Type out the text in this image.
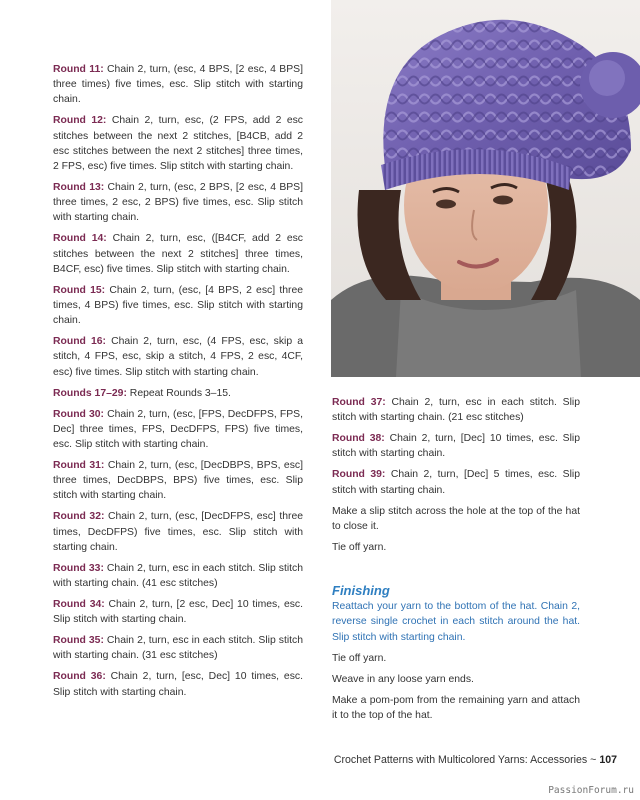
Round 11: Chain 2, turn, (esc, 4 BPS, [2 esc, 4 BPS] three times) five times, esc. Slip stitch with starting chain.

Round 12: Chain 2, turn, esc, (2 FPS, add 2 esc stitches between the next 2 stitches, [B4CB, add 2 esc stitches between the next 2 stitches] three times, 2 FPS, esc) five times. Slip stitch with starting chain.

Round 13: Chain 2, turn, (esc, 2 BPS, [2 esc, 4 BPS] three times, 2 esc, 2 BPS) five times, esc. Slip stitch with starting chain.

Round 14: Chain 2, turn, esc, ([B4CF, add 2 esc stitches between the next 2 stitches] three times, B4CF, esc) five times. Slip stitch with starting chain.

Round 15: Chain 2, turn, (esc, [4 BPS, 2 esc] three times, 4 BPS) five times, esc. Slip stitch with starting chain.

Round 16: Chain 2, turn, esc, (4 FPS, esc, skip a stitch, 4 FPS, esc, skip a stitch, 4 FPS, 2 esc, 4CF, esc) five times. Slip stitch with starting chain.

Rounds 17–29: Repeat Rounds 3–15.

Round 30: Chain 2, turn, (esc, [FPS, DecDFPS, FPS, Dec] three times, FPS, DecDFPS, FPS) five times, esc. Slip stitch with starting chain.

Round 31: Chain 2, turn, (esc, [DecDBPS, BPS, esc] three times, DecDBPS, BPS) five times, esc. Slip stitch with starting chain.

Round 32: Chain 2, turn, (esc, [DecDFPS, esc] three times, DecDFPS) five times, esc. Slip stitch with starting chain.

Round 33: Chain 2, turn, esc in each stitch. Slip stitch with starting chain. (41 esc stitches)

Round 34: Chain 2, turn, [2 esc, Dec] 10 times, esc. Slip stitch with starting chain.

Round 35: Chain 2, turn, esc in each stitch. Slip stitch with starting chain. (31 esc stitches)

Round 36: Chain 2, turn, [esc, Dec] 10 times, esc. Slip stitch with starting chain.

Round 37: Chain 2, turn, esc in each stitch. Slip stitch with starting chain. (21 esc stitches)

Round 38: Chain 2, turn, [Dec] 10 times, esc. Slip stitch with starting chain.

Round 39: Chain 2, turn, [Dec] 5 times, esc. Slip stitch with starting chain.

Make a slip stitch across the hole at the top of the hat to close it.

Tie off yarn.

Finishing

Reattach your yarn to the bottom of the hat. Chain 2, reverse single crochet in each stitch around the hat. Slip stitch with starting chain.

Tie off yarn.

Weave in any loose yarn ends.

Make a pom-pom from the remaining yarn and attach it to the top of the hat.

Crochet Patterns with Multicolored Yarns: Accessories ~ 107
PassionForum.ru
